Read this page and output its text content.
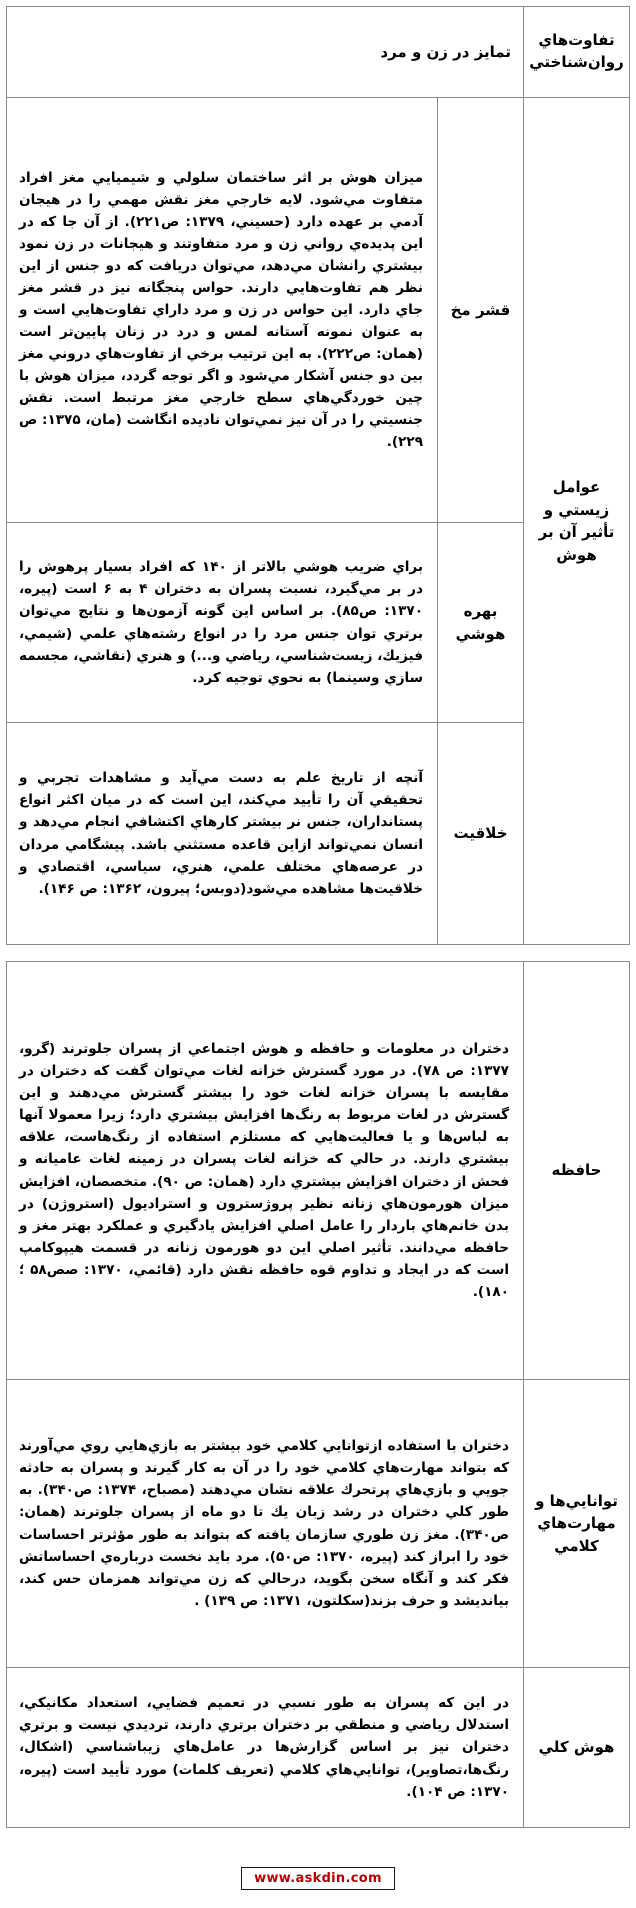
تفاوت‌هاي روان‌شناختي	تمایز در زن و مرد	
عوامل زيستي و تأثير آن بر هوش	قشر مخ	ميزان هوش بر اثر ساختمان سلولي و شيميايي مغز افراد متفاوت مي‌شود. لايه خارجي مغز نقش مهمي را در هيجان آدمي بر عهده دارد (حسيني، ۱۳۷۹: ص۲۲۱). از آن جا كه در اين پديده‌ي رواني زن و مرد متفاوتند و هيجانات در زن نمود بيشتري رانشان مي‌دهد، مي‌توان دريافت كه دو جنس از اين نظر هم تفاوت‌هايي دارند. حواس پنجگانه نيز در قشر مغز جاي دارد. اين حواس در زن و مرد داراي تفاوت‌هايي است و به عنوان نمونه آستانه لمس و درد در زنان پايين‌تر است (همان: ص۲۲۲). به اين ترتيب برخي از تفاوت‌هاي دروني مغز بين دو جنس آشكار مي‌شود و اگر توجه گردد، ميزان هوش با چين خوردگي‌هاي سطح خارجي مغز مرتبط است. نقش جنسيتي را در آن نيز نمي‌توان ناديده انگاشت (مان، ۱۳۷۵: ص ۲۲۹).
	بهره هوشي	براي ضريب هوشي بالاتر از ۱۴۰ كه افراد بسيار پرهوش را در بر مي‌گيرد، نسبت پسران به دختران ۴ به ۶ است (پيره، ۱۳۷۰: ص۸۵). بر اساس اين گونه آزمون‌ها و نتايج مي‌توان برتري توان جنس مرد را در انواع رشته‌هاي علمي (شيمي، فيزيك، زيست‌شناسي، رياضي و...) و هنري (نقاشي، مجسمه سازي وسينما) به نحوي توجيه كرد.
	خلاقيت	آنچه از تاريخ علم به دست مي‌آيد و مشاهدات تجربي و تحقيقي آن را تأييد مي‌كند، اين است كه در ميان اكثر انواع پستانداران، جنس نر بيشتر كارهاي اكتشافي انجام مي‌دهد و انسان نمي‌تواند ازاين قاعده مستثني باشد. پيشگامي مردان در عرصه‌هاي مختلف علمي، هنري، سياسي، اقتصادي و خلاقيت‌ها مشاهده مي‌شود(دوبس؛ پيرون، ۱۳۶۲: ص ۱۴۶).
حافظه	دختران در معلومات و حافظه و هوش اجتماعي از پسران جلوترند (گرو، ۱۳۷۷: ص ۷۸). در مورد گسترش خزانه لغات مي‌توان گفت كه دختران در مقايسه با پسران خزانه لغات خود را بيشتر گسترش مي‌دهند و اين گسترش در لغات مربوط به رنگ‌ها افزايش بيشتري دارد؛ زيرا معمولا آنها به لباس‌ها و يا فعاليت‌هايي كه مستلزم استفاده از رنگ‌هاست، علاقه بيشتري دارند. در حالي كه خزانه لغات پسران در زمينه لغات عاميانه و فحش از دختران افزايش بيشتري دارد (همان: ص ۹۰). متخصصان، افزايش ميزان هورمون‌هاي زنانه نظير پروژسترون و استراديول (استروژن) در بدن خانم‌هاي باردار را عامل اصلي افزايش يادگيري و عملكرد بهتر مغز و حافظه مي‌دانند. تأثير اصلي اين دو هورمون زنانه در قسمت هيپوكامپ است كه در ايجاد و تداوم قوه حافظه نقش دارد (قائمي، ۱۳۷۰: صص۵۸ ؛ ۱۸۰).
توانايي‌ها و مهارت‌هاي كلامي	دختران با استفاده ازتوانايي كلامي خود بيشتر به بازي‌هايي روي مي‌آورند كه بتواند مهارت‌هاي كلامي خود را در آن به كار گيرند و پسران به حادثه جويي و بازي‌هاي پرتحرك علاقه نشان مي‌دهند (مصباح، ۱۳۷۴: ص۳۴۰). به طور كلي دختران در رشد زبان يك تا دو ماه از پسران جلوترند (همان: ص۳۴۰). مغز زن طوري سازمان يافته كه بتواند به طور مؤثرتر احساسات خود را ابراز كند (پيره، ۱۳۷۰: ص۵۰). مرد بايد نخست درباره‌ي احساساتش فكر كند و آنگاه سخن بگويد، درحالي كه زن مي‌تواند همزمان حس كند، بيانديشد و حرف بزند(سكلتون، ۱۳۷۱: ص ۱۳۹) .
هوش كلي	در اين كه پسران به طور نسبي در تعميم فضايي، استعداد مكانيكي، استدلال رياضي و منطقي بر دختران برتري دارند، ترديدي نيست و برتري دختران نيز بر اساس گزارش‌ها در عامل‌هاي زيباشناسي (اشكال، رنگ‌ها،تصاوير)، توانايي‌هاي كلامي (تعريف كلمات) مورد تأييد است (پيره، ۱۳۷۰: ص ۱۰۴).
www.askdin.com
